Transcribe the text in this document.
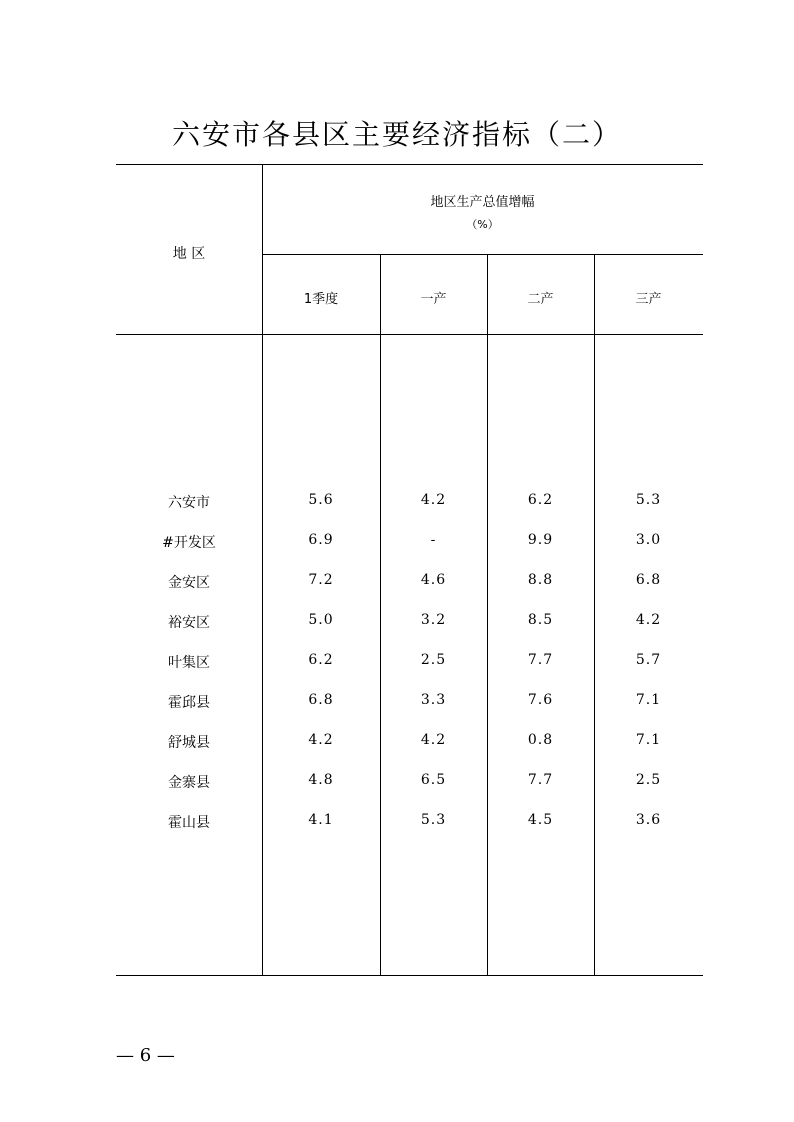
六安市各县区主要经济指标（二）
地 区
地区生产总值增幅
（%）
1季度	一产	二产	三产
六安市	5.6	4.2	6.2	5.3
#开发区	6.9	-	9.9	3.0
金安区	7.2	4.6	8.8	6.8
裕安区	5.0	3.2	8.5	4.2
叶集区	6.2	2.5	7.7	5.7
霍邱县	6.8	3.3	7.6	7.1
舒城县	4.2	4.2	0.8	7.1
金寨县	4.8	6.5	7.7	2.5
霍山县	4.1	5.3	4.5	3.6
— 6 —
